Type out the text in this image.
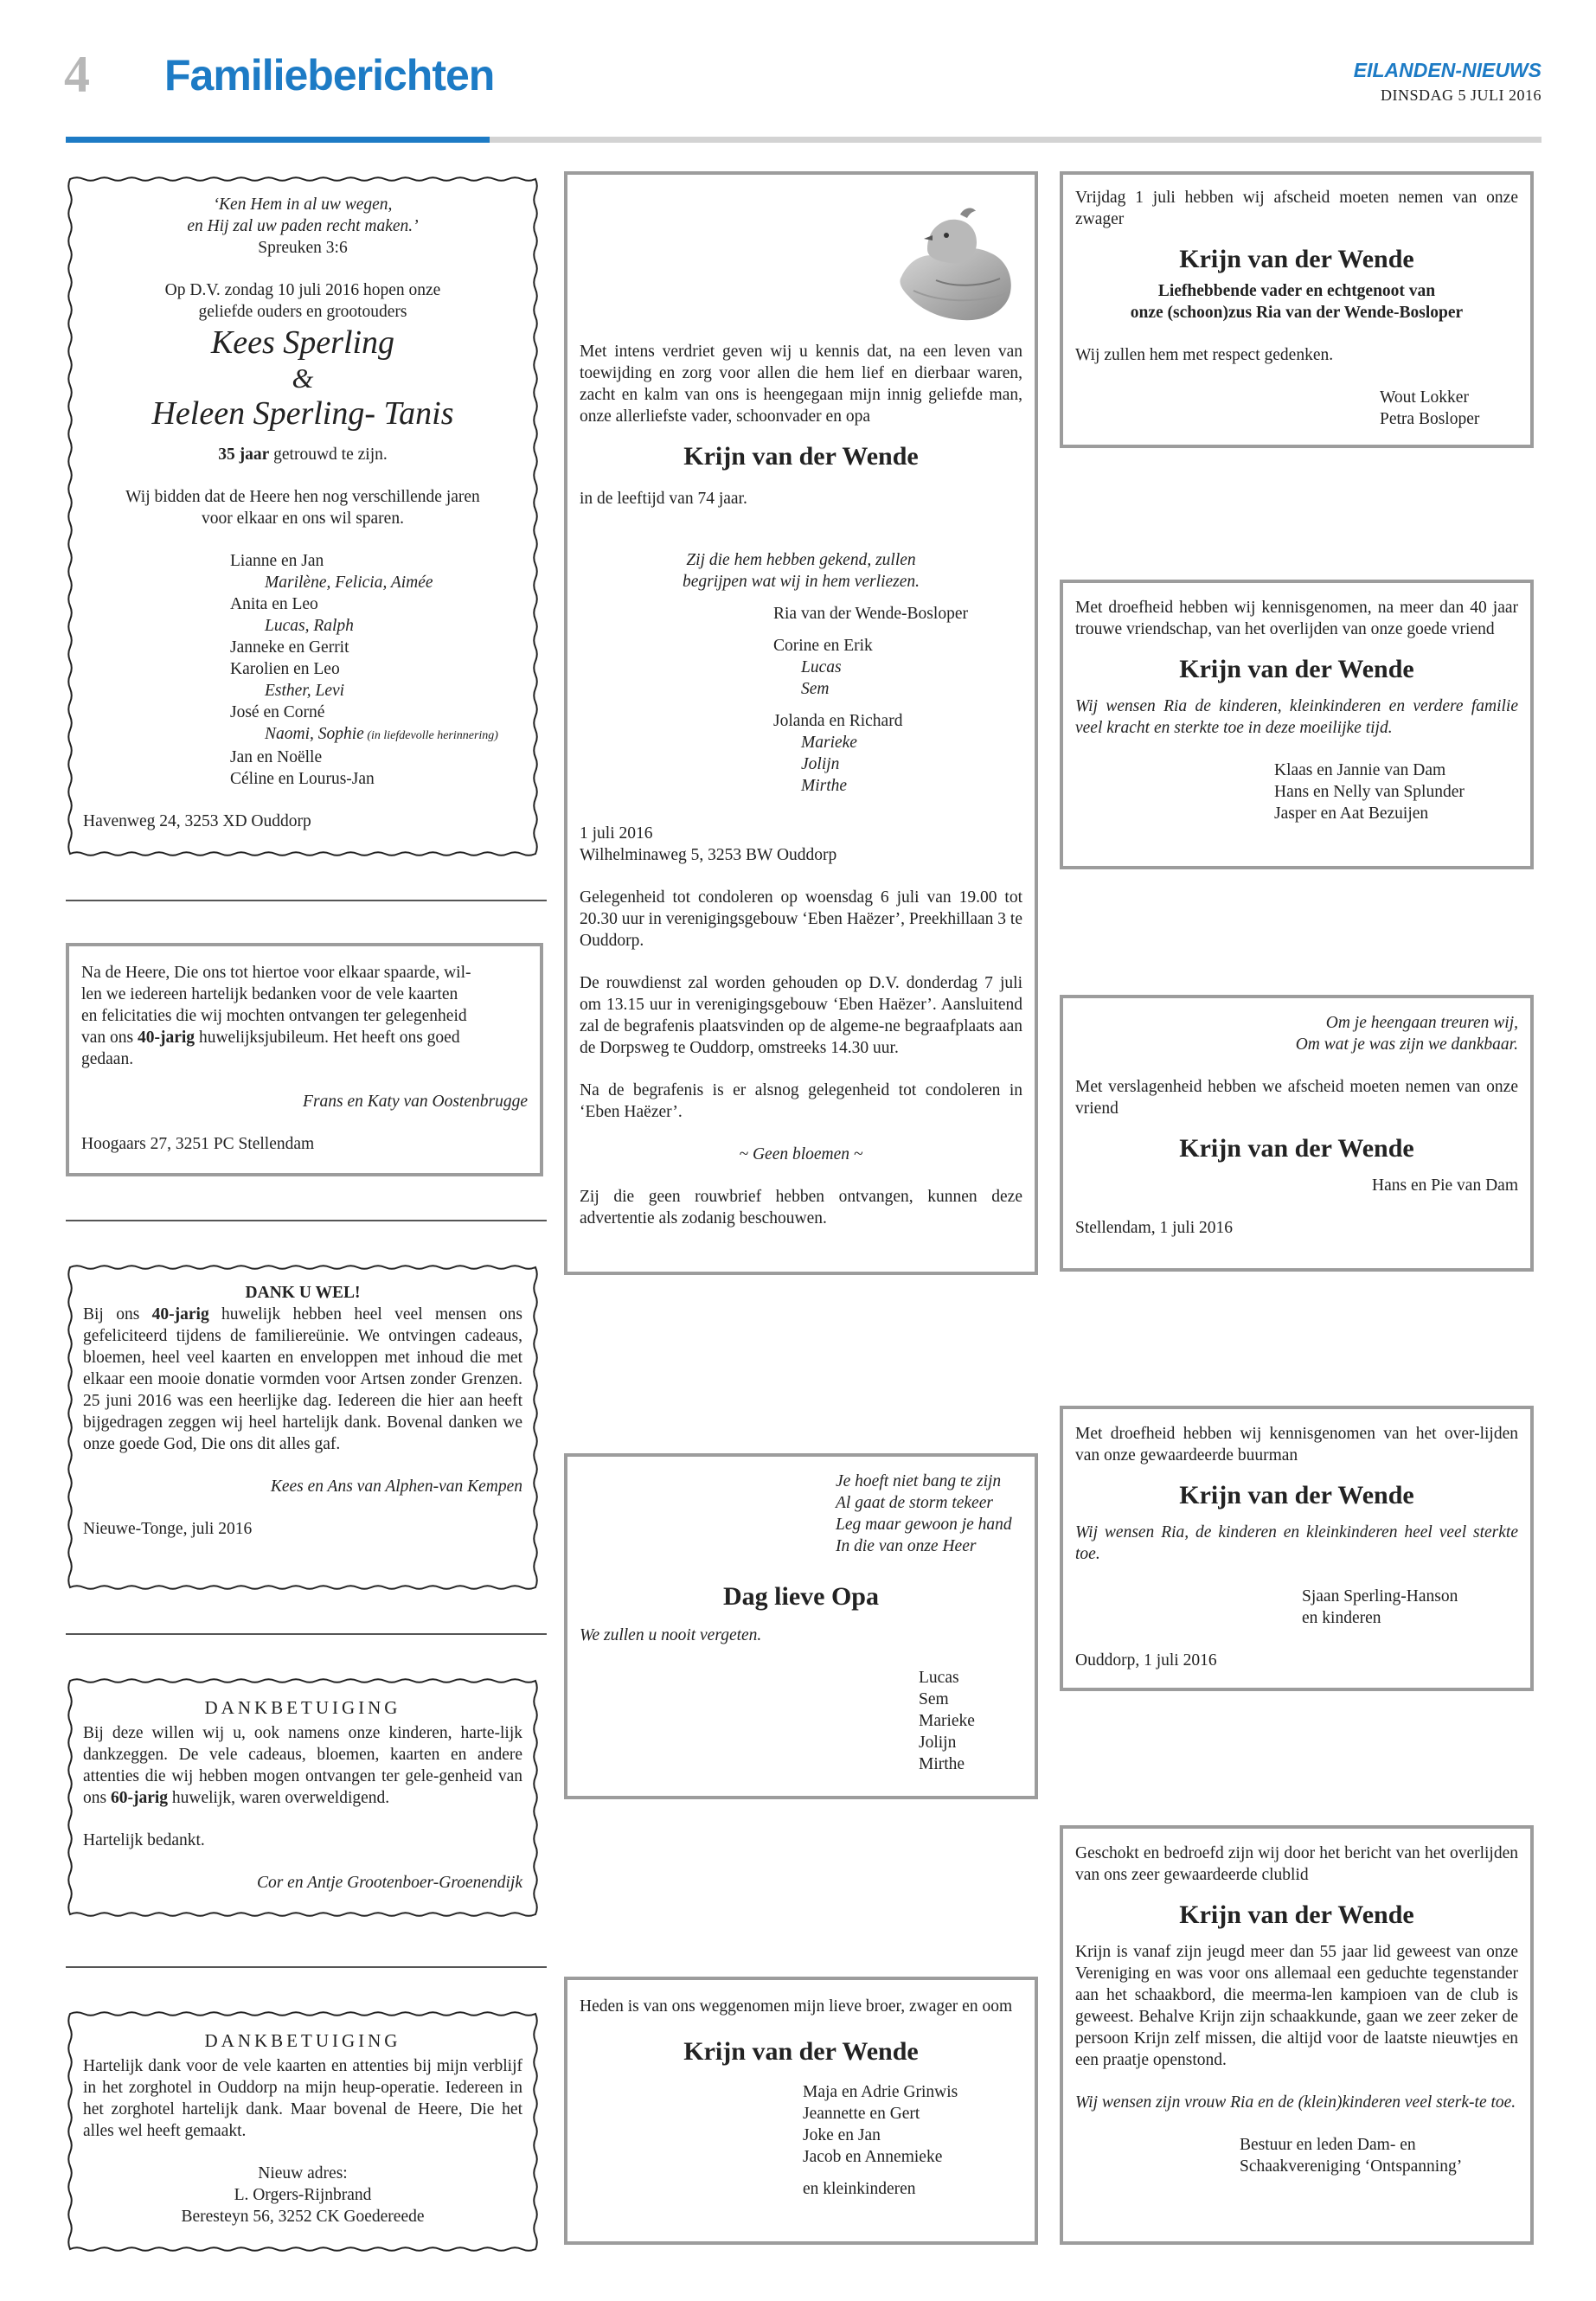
4 Familieberichten	EILANDEN-NIEUWS
DINSDAG 5 JULI 2016

‘Ken Hem in al uw wegen,

en Hij zal uw paden recht maken.’

Spreuken 3:6

Op D.V. zondag 10 juli 2016 hopen onze

geliefde ouders en grootouders

Kees Sperling
&
Heleen Sperling- Tanis

35 jaar getrouwd te zijn.

Wij bidden dat de Heere hen nog verschillende jaren

voor elkaar en ons wil sparen.

Lianne en Jan

Marilène, Felicia, Aimée

Anita en Leo

Lucas, Ralph

Janneke en Gerrit

Karolien en Leo

Esther, Levi

José en Corné

Naomi, Sophie (in liefdevolle herinnering)

Jan en Noëlle

Céline en Lourus-Jan

Havenweg 24, 3253 XD Ouddorp

Na de Heere, Die ons tot hiertoe voor elkaar spaarde, wil-

len we iedereen hartelijk bedanken voor de vele kaarten

en felicitaties die wij mochten ontvangen ter gelegenheid

van ons 40-jarig huwelijksjubileum. Het heeft ons goed

gedaan.

Frans en Katy van Oostenbrugge

Hoogaars 27, 3251 PC Stellendam

DANK U WEL!

Bij ons 40-jarig huwelijk hebben heel veel mensen ons gefeliciteerd tijdens de familiereünie. We ontvingen cadeaus, bloemen, heel veel kaarten en enveloppen met inhoud die met elkaar een mooie donatie vormden voor Artsen zonder Grenzen. 25 juni 2016 was een heerlijke dag. Iedereen die hier aan heeft bijgedragen zeggen wij heel hartelijk dank. Bovenal danken we onze goede God, Die ons dit alles gaf.

Kees en Ans van Alphen-van Kempen

Nieuwe-Tonge, juli 2016

DANKBETUIGING

Bij deze willen wij u, ook namens onze kinderen, harte-lijk dankzeggen. De vele cadeaus, bloemen, kaarten en andere attenties die wij hebben mogen ontvangen ter gele-genheid van ons 60-jarig huwelijk, waren overweldigend.

Hartelijk bedankt.

Cor en Antje Grootenboer-Groenendijk

DANKBETUIGING

Hartelijk dank voor de vele kaarten en attenties bij mijn verblijf in het zorghotel in Ouddorp na mijn heup-operatie. Iedereen in het zorghotel hartelijk dank. Maar bovenal de Heere, Die het alles wel heeft gemaakt.

Nieuw adres:

L. Orgers-Rijnbrand

Beresteyn 56, 3252 CK Goedereede

Met intens verdriet geven wij u kennis dat, na een leven van toewijding en zorg voor allen die hem lief en dierbaar waren, zacht en kalm van ons is heengegaan mijn innig geliefde man, onze allerliefste vader, schoonvader en opa

Krijn van der Wende

in de leeftijd van 74 jaar.

Zij die hem hebben gekend, zullen

begrijpen wat wij in hem verliezen.

Ria van der Wende-Bosloper

Corine en Erik

Lucas

Sem

Jolanda en Richard

Marieke

Jolijn

Mirthe

1 juli 2016

Wilhelminaweg 5, 3253 BW Ouddorp

Gelegenheid tot condoleren op woensdag 6 juli van 19.00 tot 20.30 uur in verenigingsgebouw ‘Eben Haëzer’, Preekhillaan 3 te Ouddorp.

De rouwdienst zal worden gehouden op D.V. donderdag 7 juli om 13.15 uur in verenigingsgebouw ‘Eben Haëzer’. Aansluitend zal de begrafenis plaatsvinden op de algeme-ne begraafplaats aan de Dorpsweg te Ouddorp, omstreeks 14.30 uur.

Na de begrafenis is er alsnog gelegenheid tot condoleren in ‘Eben Haëzer’.

~ Geen bloemen ~

Zij die geen rouwbrief hebben ontvangen, kunnen deze advertentie als zodanig beschouwen.

Je hoeft niet bang te zijn

Al gaat de storm tekeer

Leg maar gewoon je hand

In die van onze Heer

Dag lieve Opa

We zullen u nooit vergeten.

Lucas

Sem

Marieke

Jolijn

Mirthe

Heden is van ons weggenomen mijn lieve broer, zwager en oom

Krijn van der Wende

Maja en Adrie Grinwis

Jeannette en Gert

Joke en Jan

Jacob en Annemieke

en kleinkinderen

Vrijdag 1 juli hebben wij afscheid moeten nemen van onze zwager

Krijn van der Wende

Liefhebbende vader en echtgenoot van

onze (schoon)zus Ria van der Wende-Bosloper

Wij zullen hem met respect gedenken.

Wout Lokker

Petra Bosloper

Met droefheid hebben wij kennisgenomen, na meer dan 40 jaar trouwe vriendschap, van het overlijden van onze goede vriend

Krijn van der Wende

Wij wensen Ria de kinderen, kleinkinderen en verdere familie veel kracht en sterkte toe in deze moeilijke tijd.

Klaas en Jannie van Dam

Hans en Nelly van Splunder

Jasper en Aat Bezuijen

Om je heengaan treuren wij,

Om wat je was zijn we dankbaar.

Met verslagenheid hebben we afscheid moeten nemen van onze vriend

Krijn van der Wende

Hans en Pie van Dam

Stellendam, 1 juli 2016

Met droefheid hebben wij kennisgenomen van het over-lijden van onze gewaardeerde buurman

Krijn van der Wende

Wij wensen Ria, de kinderen en kleinkinderen heel veel sterkte toe.

Sjaan Sperling-Hanson

en kinderen

Ouddorp, 1 juli 2016

Geschokt en bedroefd zijn wij door het bericht van het overlijden van ons zeer gewaardeerde clublid

Krijn van der Wende

Krijn is vanaf zijn jeugd meer dan 55 jaar lid geweest van onze Vereniging en was voor ons allemaal een geduchte tegenstander aan het schaakbord, die meerma-len kampioen van de club is geweest. Behalve Krijn zijn schaakkunde, gaan we zeer zeker de persoon Krijn zelf missen, die altijd voor de laatste nieuwtjes en een praatje openstond.

Wij wensen zijn vrouw Ria en de (klein)kinderen veel sterk-te toe.

Bestuur en leden Dam- en

Schaakvereniging ‘Ontspanning’
